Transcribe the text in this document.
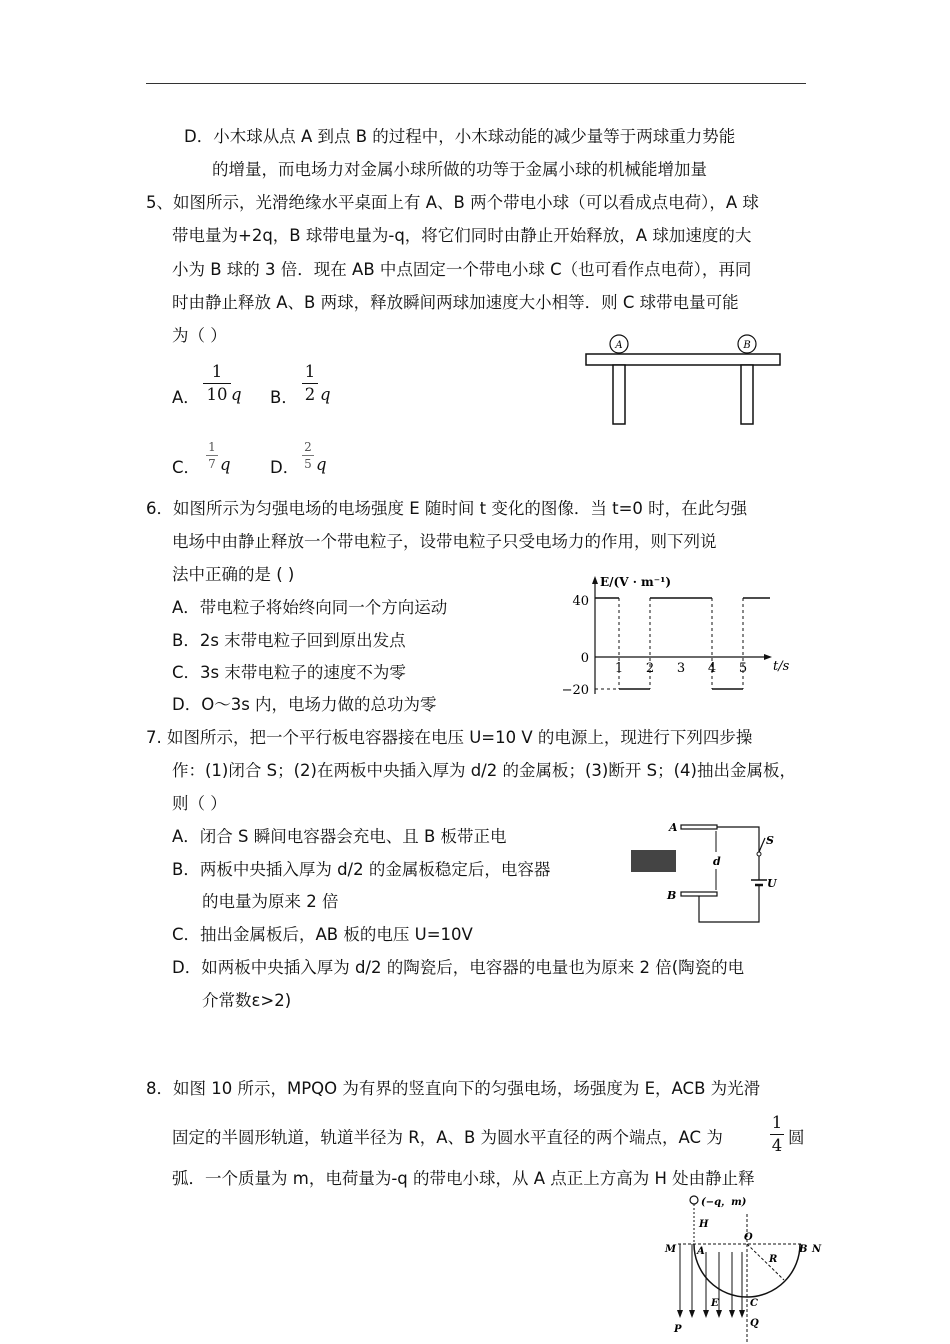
D．小木球从点 A 到点 B 的过程中，小木球动能的减少量等于两球重力势能
的增量，而电场力对金属小球所做的功等于金属小球的机械能增加量
5、如图所示，光滑绝缘水平桌面上有 A、B 两个带电小球（可以看成点电荷），A 球
带电量为+2q，B 球带电量为-q，将它们同时由静止开始释放，A 球加速度的大
小为 B 球的 3 倍．现在 AB 中点固定一个带电小球 C（也可看作点电荷），再同
时由静止释放 A、B 两球，释放瞬间两球加速度大小相等．则 C 球带电量可能
为（ ）
A．
1
10 q B．
1
2 q
C．
1
7 q D．
2
5 q
A	B
6．如图所示为匀强电场的电场强度 E 随时间 t 变化的图像．当 t=0 时，在此匀强
电场中由静止释放一个带电粒子，设带电粒子只受电场力的作用，则下列说
法中正确的是 ( )
A．带电粒子将始终向同一个方向运动
B．2s 末带电粒子回到原出发点
C．3s 末带电粒子的速度不为零
D．O～3s 内，电场力做的总功为零
E/(V · m⁻¹)
40
0
−20
t/s
1 2 3 4 5
7. 如图所示，把一个平行板电容器接在电压 U=10 V 的电源上，现进行下列四步操
作：(1)闭合 S；(2)在两板中央插入厚为 d/2 的金属板；(3)断开 S；(4)抽出金属板，
则（ ）
A．闭合 S 瞬间电容器会充电、且 B 板带正电
B．两板中央插入厚为 d/2 的金属板稳定后，电容器
的电量为原来 2 倍
C．抽出金属板后，AB 板的电压 U=10V
D．如两板中央插入厚为 d/2 的陶瓷后，电容器的电量也为原来 2 倍(陶瓷的电
介常数ε>2)
A
B
d
S
U
8．如图 10 所示，MPQO 为有界的竖直向下的匀强电场，场强度为 E，ACB 为光滑
固定的半圆形轨道，轨道半径为 R，A、B 为圆水平直径的两个端点，AC 为
1
4 圆
弧．一个质量为 m，电荷量为-q 的带电小球，从 A 点正上方高为 H 处由静止释
(−q，m)
H
M A
O
B N
R
E	C
P
Q
